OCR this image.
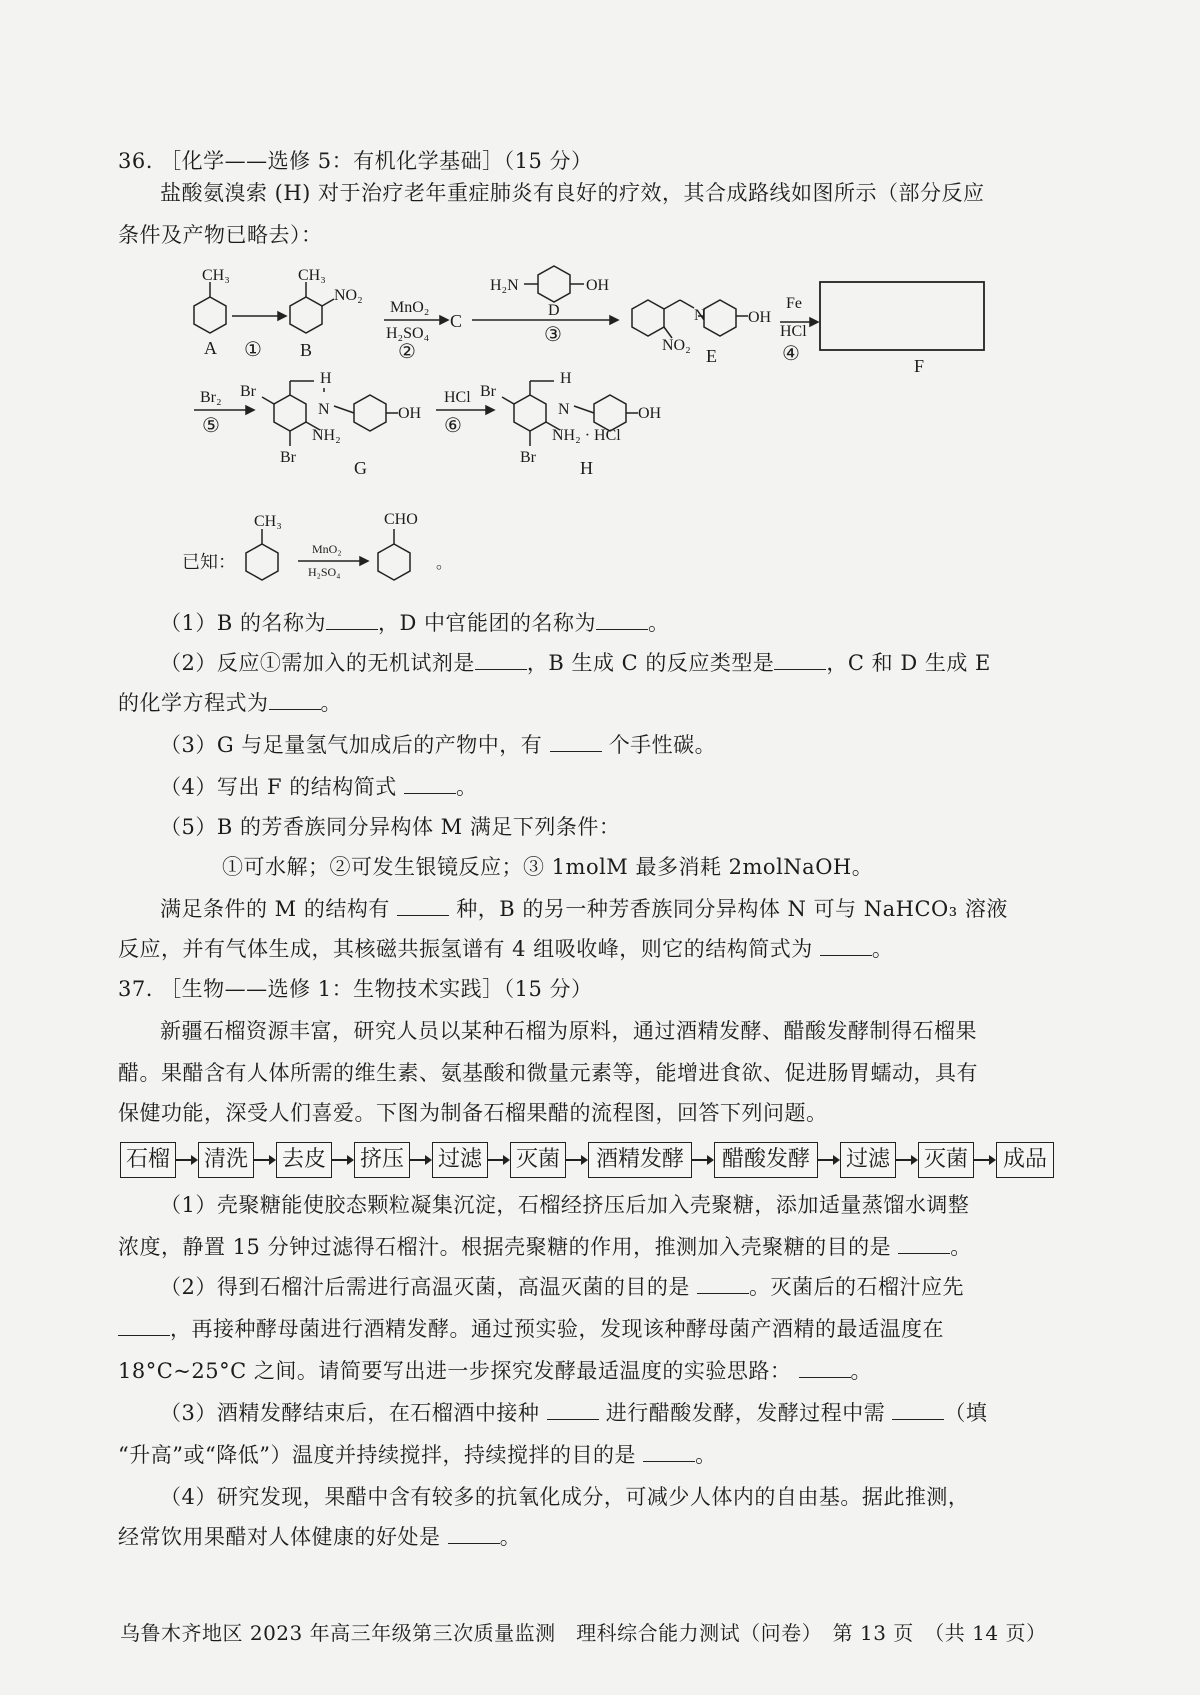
36. ［化学——选修 5：有机化学基础］（15 分）
盐酸氨溴索 (H) 对于治疗老年重症肺炎有良好的疗效，其合成路线如图所示（部分反应
条件及产物已略去）：
CH₃
A ①
CH₃
NO₂
B
MnO₂
H₂SO₄
②
C
H₂N	OH
D
③
N
NO₂
OH
E
Fe
HCl
④
F
Br₂
⑤
Br
Br
H
N	OH
NH₂
G
HCl
⑥
Br
Br
H
N	OH
NH₂ · HCl
H
已知：
CH₃
MnO₂
H₂SO₄
CHO
。
（1）B 的名称为 ，D 中官能团的名称为 。
（2）反应①需加入的无机试剂是 ，B 生成 C 的反应类型是 ，C 和 D 生成 E
的化学方程式为 。
（3）G 与足量氢气加成后的产物中，有	个手性碳。
（4）写出 F 的结构简式	。
（5）B 的芳香族同分异构体 M 满足下列条件：
①可水解；②可发生银镜反应；③ 1molM 最多消耗 2molNaOH。
满足条件的 M 的结构有	种，B 的另一种芳香族同分异构体 N 可与 NaHCO₃ 溶液
反应，并有气体生成，其核磁共振氢谱有 4 组吸收峰，则它的结构简式为	。
37. ［生物——选修 1：生物技术实践］（15 分）
新疆石榴资源丰富，研究人员以某种石榴为原料，通过酒精发酵、醋酸发酵制得石榴果
醋。果醋含有人体所需的维生素、氨基酸和微量元素等，能增进食欲、促进肠胃蠕动，具有
保健功能，深受人们喜爱。下图为制备石榴果醋的流程图，回答下列问题。
石榴 清洗 去皮 挤压 过滤 灭菌	酒精发酵	醋酸发酵	过滤 灭菌	成品
（1）壳聚糖能使胶态颗粒凝集沉淀，石榴经挤压后加入壳聚糖，添加适量蒸馏水调整
浓度，静置 15 分钟过滤得石榴汁。根据壳聚糖的作用，推测加入壳聚糖的目的是	。
（2）得到石榴汁后需进行高温灭菌，高温灭菌的目的是	。灭菌后的石榴汁应先
，再接种酵母菌进行酒精发酵。通过预实验，发现该种酵母菌产酒精的最适温度在
18°C~25°C 之间。请简要写出进一步探究发酵最适温度的实验思路：	。
（3）酒精发酵结束后，在石榴酒中接种	进行醋酸发酵，发酵过程中需	（填
“升高”或“降低”）温度并持续搅拌，持续搅拌的目的是	。
（4）研究发现，果醋中含有较多的抗氧化成分，可减少人体内的自由基。据此推测，
经常饮用果醋对人体健康的好处是	。
乌鲁木齐地区 2023 年高三年级第三次质量监测　理科综合能力测试（问卷）　第 13 页　（共 14 页）
